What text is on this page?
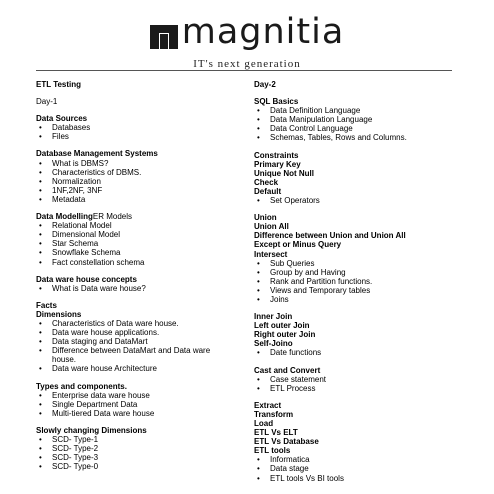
magnitia
IT's next generation
ETL Testing
Day-1
Data Sources
• Databases
• Files
Database Management Systems
• What is DBMS?
• Characteristics of DBMS.
• Normalization
• 1NF,2NF, 3NF
• Metadata
Data ModellingER Models
• Relational Model
• Dimensional Model
• Star Schema
• Snowflake Schema
• Fact constellation schema
Data ware house concepts
• What is Data ware house?
Facts
Dimensions
• Characteristics of Data ware house.
• Data ware house applications.
• Data staging and DataMart
• Difference between DataMart and Data ware house.
• Data ware house Architecture
Types and components.
• Enterprise data ware house
• Single Department Data
• Multi-tiered Data ware house
Slowly changing Dimensions
• SCD- Type-1
• SCD- Type-2
• SCD- Type-3
• SCD- Type-0
Day-2
SQL Basics
• Data Definition Language
• Data Manipulation Language
• Data Control Language
• Schemas, Tables, Rows and Columns.
Constraints
Primary Key
Unique Not Null
Check
Default
• Set Operators
Union
Union All
Difference between Union and Union All
Except or Minus Query
Intersect
• Sub Queries
• Group by and Having
• Rank and Partition functions.
• Views and Temporary tables
• Joins
Inner Join
Left outer Join
Right outer Join
Self-Joino
• Date functions
Cast and Convert
• Case statement
• ETL Process
Extract
Transform
Load
ETL Vs ELT
ETL Vs Database
ETL tools
• Informatica
• Data stage
• ETL tools Vs BI tools
